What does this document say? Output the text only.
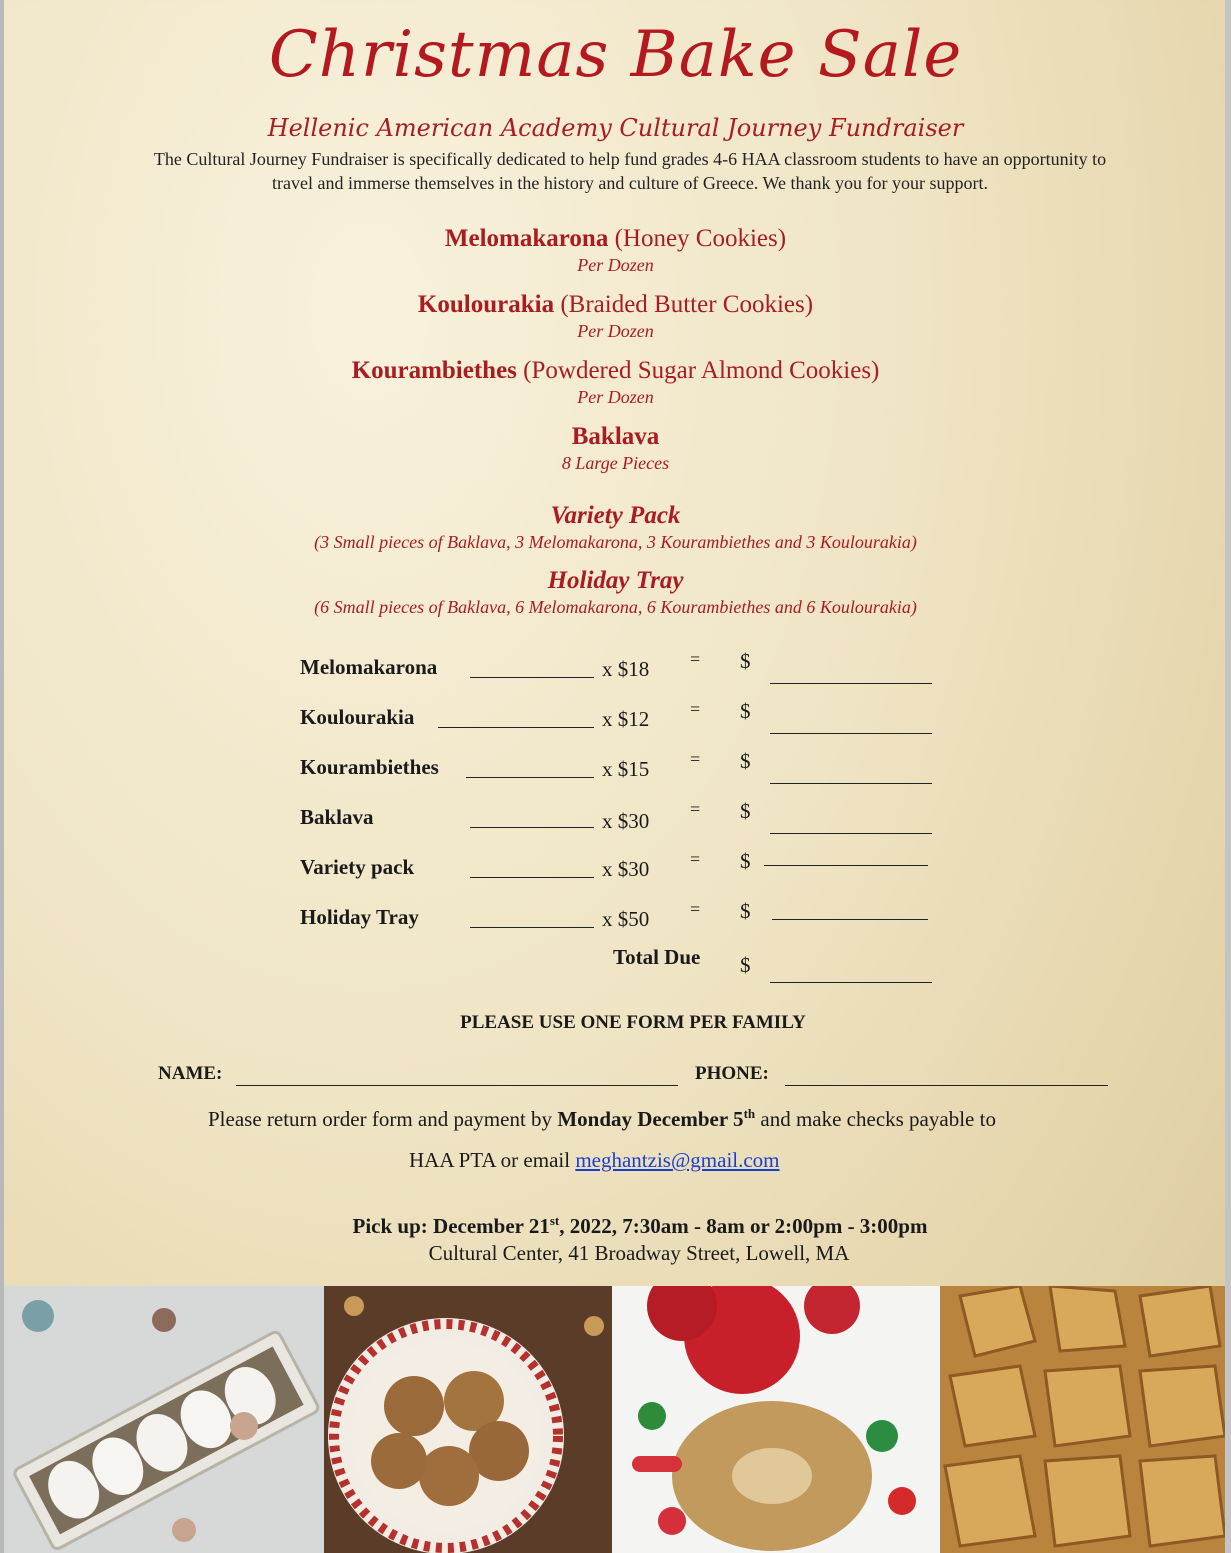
Christmas Bake Sale
Hellenic American Academy Cultural Journey Fundraiser
The Cultural Journey Fundraiser is specifically dedicated to help fund grades 4-6 HAA classroom students to have an opportunity to travel and immerse themselves in the history and culture of Greece. We thank you for your support.
Melomakarona (Honey Cookies)
Per Dozen
Koulourakia (Braided Butter Cookies)
Per Dozen
Kourambiethes (Powdered Sugar Almond Cookies)
Per Dozen
Baklava
8 Large Pieces
Variety Pack
(3 Small pieces of Baklava, 3 Melomakarona, 3 Kourambiethes and 3 Koulourakia)
Holiday Tray
(6 Small pieces of Baklava, 6 Melomakarona, 6 Kourambiethes and 6 Koulourakia)
Melomakarona	x $18 = $
Koulourakia	x $12 = $
Kourambiethes	x $15 = $
Baklava	x $30 = $
Variety pack	x $30 = $
Holiday Tray	x $50 = $
Total Due $
PLEASE USE ONE FORM PER FAMILY
NAME:	PHONE:
Please return order form and payment by Monday December 5th and make checks payable to
HAA PTA or email meghantzis@gmail.com
Pick up: December 21st, 2022, 7:30am - 8am or 2:00pm - 3:00pm
Cultural Center, 41 Broadway Street, Lowell, MA
